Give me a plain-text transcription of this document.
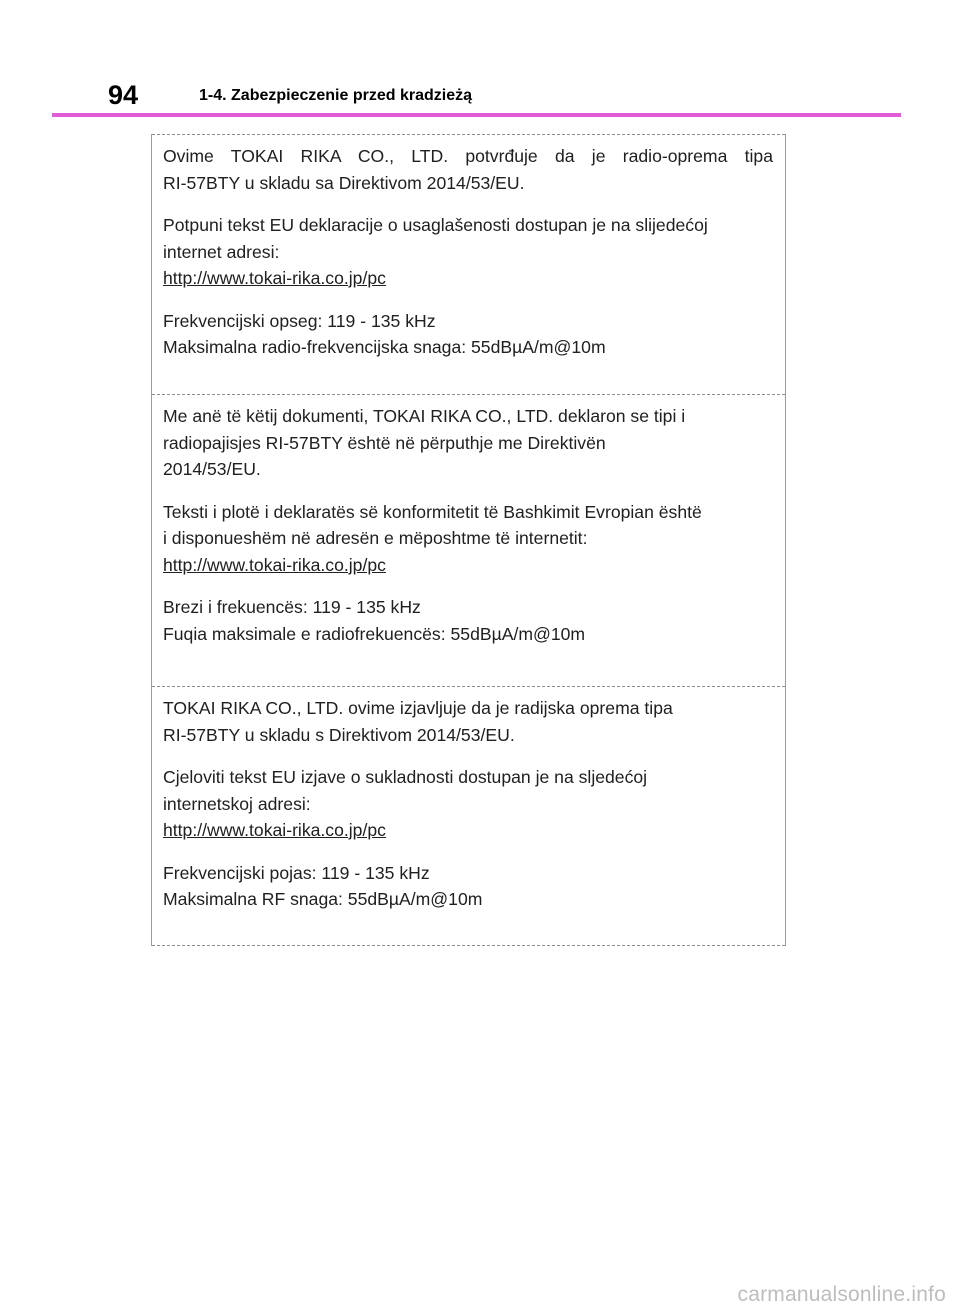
94	1-4. Zabezpieczenie przed kradzieżą
Ovime TOKAI RIKA CO., LTD. potvrđuje da je radio-oprema tipa
RI-57BTY u skladu sa Direktivom 2014/53/EU.
Potpuni tekst EU deklaracije o usaglašenosti dostupan je na slijedećoj
internet adresi:
http://www.tokai-rika.co.jp/pc
Frekvencijski opseg: 119 - 135 kHz
Maksimalna radio-frekvencijska snaga: 55dBµA/m@10m
Me anë të këtij dokumenti, TOKAI RIKA CO., LTD. deklaron se tipi i
radiopajisjes RI-57BTY është në përputhje me Direktivën
2014/53/EU.
Teksti i plotë i deklaratës së konformitetit të Bashkimit Evropian është
i disponueshëm në adresën e mëposhtme të internetit:
http://www.tokai-rika.co.jp/pc
Brezi i frekuencës: 119 - 135 kHz
Fuqia maksimale e radiofrekuencës: 55dBµA/m@10m
TOKAI RIKA CO., LTD. ovime izjavljuje da je radijska oprema tipa
RI-57BTY u skladu s Direktivom 2014/53/EU.
Cjeloviti tekst EU izjave o sukladnosti dostupan je na sljedećoj
internetskoj adresi:
http://www.tokai-rika.co.jp/pc
Frekvencijski pojas: 119 - 135 kHz
Maksimalna RF snaga: 55dBµA/m@10m
carmanualsonline.info
